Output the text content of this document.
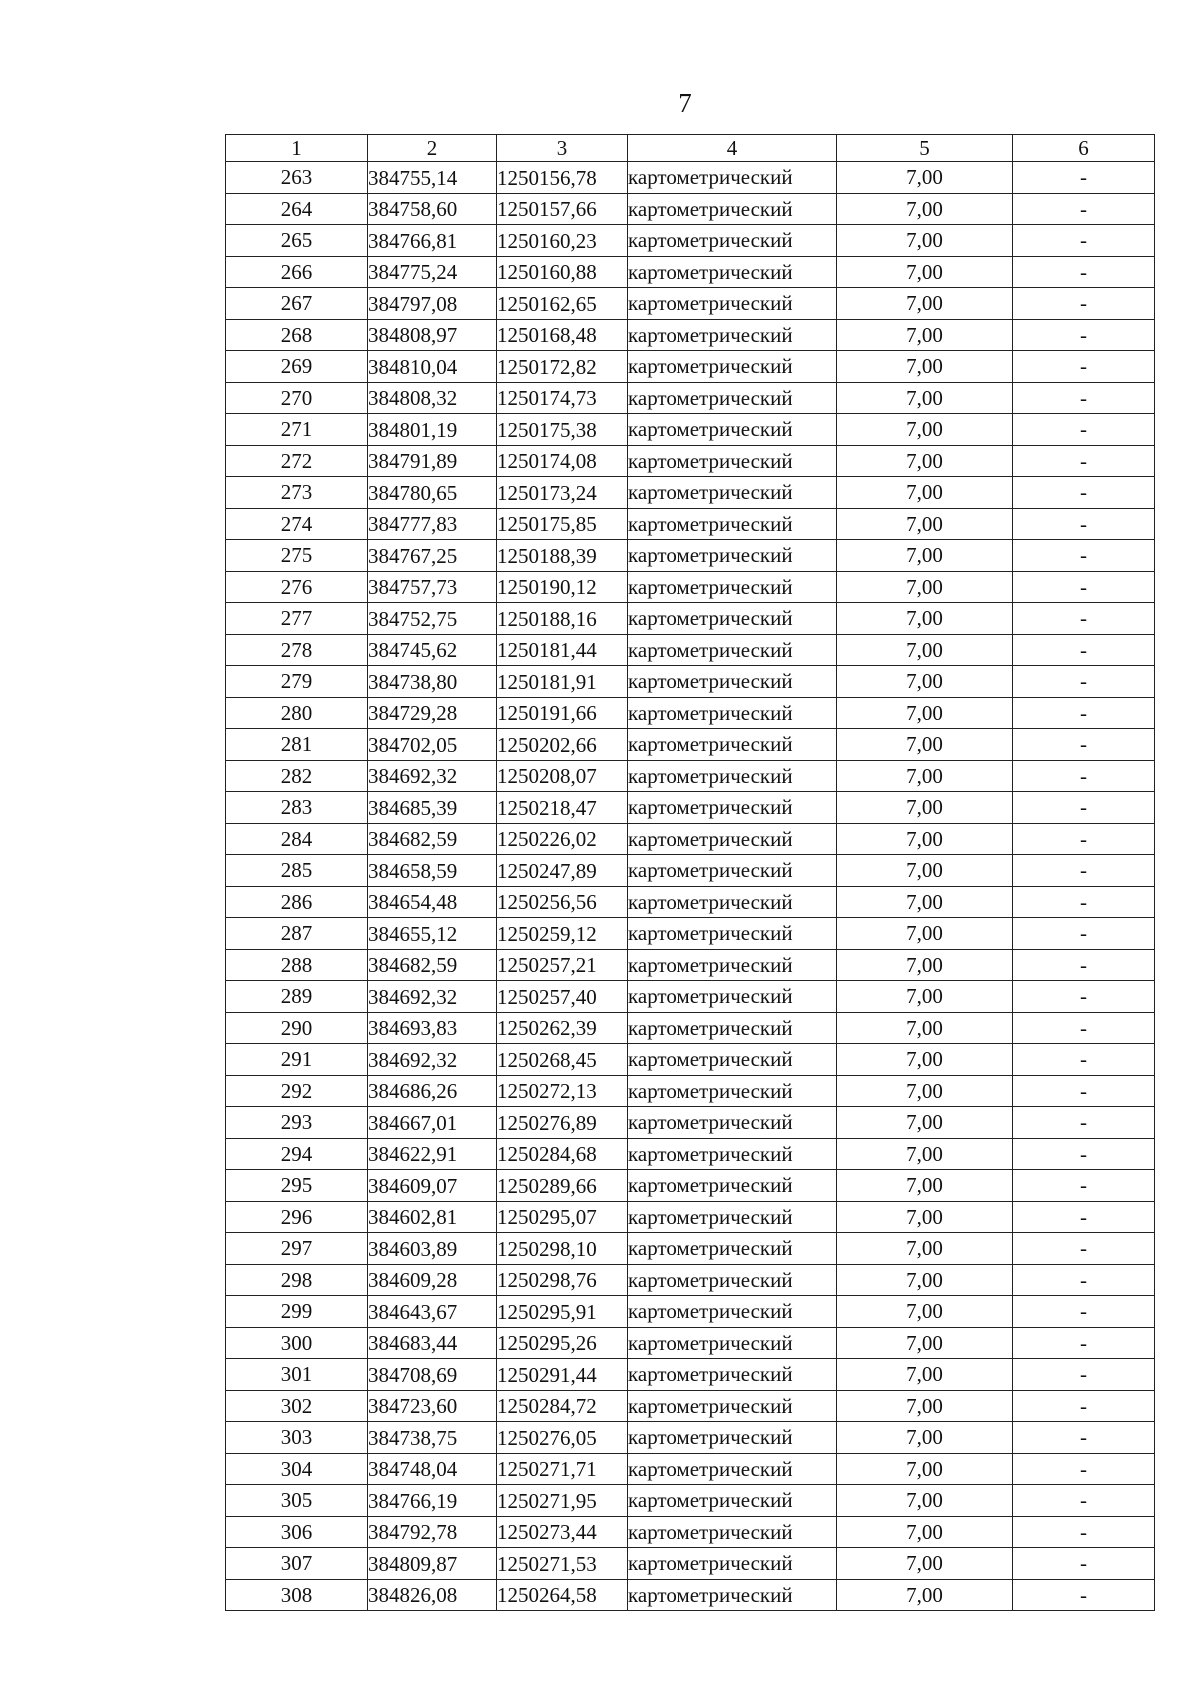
7
1	2	3	4	5	6
263	384755,14	1250156,78	картометрический	7,00	-
264	384758,60	1250157,66	картометрический	7,00	-
265	384766,81	1250160,23	картометрический	7,00	-
266	384775,24	1250160,88	картометрический	7,00	-
267	384797,08	1250162,65	картометрический	7,00	-
268	384808,97	1250168,48	картометрический	7,00	-
269	384810,04	1250172,82	картометрический	7,00	-
270	384808,32	1250174,73	картометрический	7,00	-
271	384801,19	1250175,38	картометрический	7,00	-
272	384791,89	1250174,08	картометрический	7,00	-
273	384780,65	1250173,24	картометрический	7,00	-
274	384777,83	1250175,85	картометрический	7,00	-
275	384767,25	1250188,39	картометрический	7,00	-
276	384757,73	1250190,12	картометрический	7,00	-
277	384752,75	1250188,16	картометрический	7,00	-
278	384745,62	1250181,44	картометрический	7,00	-
279	384738,80	1250181,91	картометрический	7,00	-
280	384729,28	1250191,66	картометрический	7,00	-
281	384702,05	1250202,66	картометрический	7,00	-
282	384692,32	1250208,07	картометрический	7,00	-
283	384685,39	1250218,47	картометрический	7,00	-
284	384682,59	1250226,02	картометрический	7,00	-
285	384658,59	1250247,89	картометрический	7,00	-
286	384654,48	1250256,56	картометрический	7,00	-
287	384655,12	1250259,12	картометрический	7,00	-
288	384682,59	1250257,21	картометрический	7,00	-
289	384692,32	1250257,40	картометрический	7,00	-
290	384693,83	1250262,39	картометрический	7,00	-
291	384692,32	1250268,45	картометрический	7,00	-
292	384686,26	1250272,13	картометрический	7,00	-
293	384667,01	1250276,89	картометрический	7,00	-
294	384622,91	1250284,68	картометрический	7,00	-
295	384609,07	1250289,66	картометрический	7,00	-
296	384602,81	1250295,07	картометрический	7,00	-
297	384603,89	1250298,10	картометрический	7,00	-
298	384609,28	1250298,76	картометрический	7,00	-
299	384643,67	1250295,91	картометрический	7,00	-
300	384683,44	1250295,26	картометрический	7,00	-
301	384708,69	1250291,44	картометрический	7,00	-
302	384723,60	1250284,72	картометрический	7,00	-
303	384738,75	1250276,05	картометрический	7,00	-
304	384748,04	1250271,71	картометрический	7,00	-
305	384766,19	1250271,95	картометрический	7,00	-
306	384792,78	1250273,44	картометрический	7,00	-
307	384809,87	1250271,53	картометрический	7,00	-
308	384826,08	1250264,58	картометрический	7,00	-
